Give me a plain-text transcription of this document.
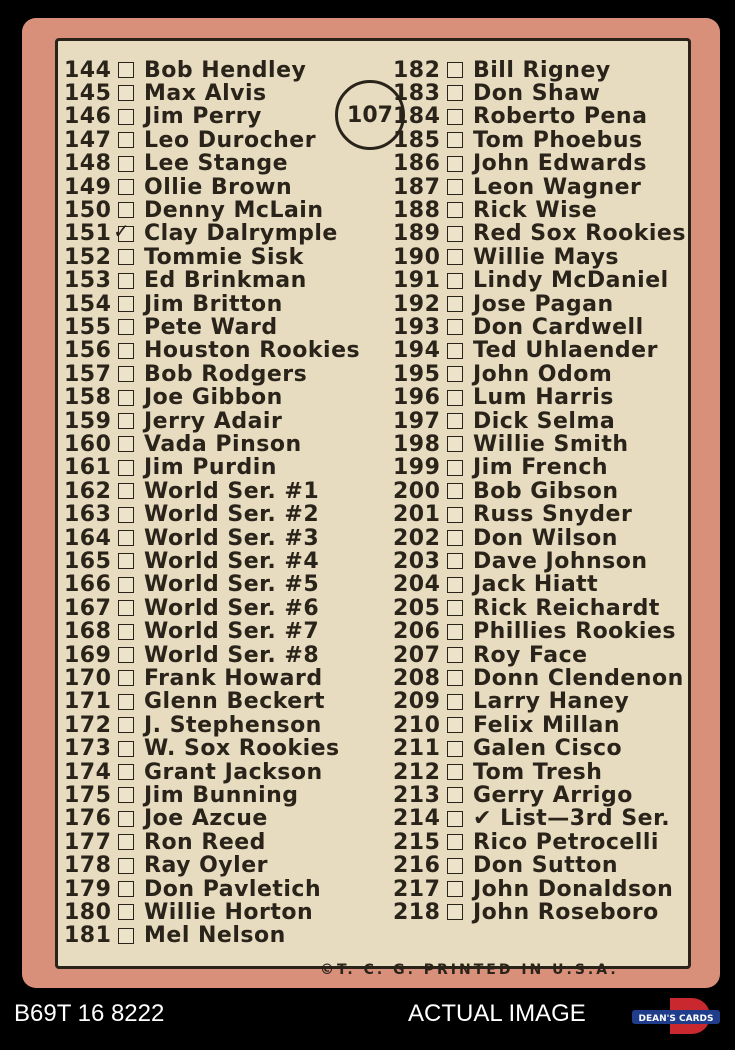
107
©T. C. G. PRINTED IN U.S.A.
144 Bob Hendley
145 Max Alvis
146 Jim Perry
147 Leo Durocher
148 Lee Stange
149 Ollie Brown
150 Denny McLain
151 ✓ Clay Dalrymple
152 Tommie Sisk
153 Ed Brinkman
154 Jim Britton
155 Pete Ward
156 Houston Rookies
157 Bob Rodgers
158 Joe Gibbon
159 Jerry Adair
160 Vada Pinson
161 Jim Purdin
162 World Ser. #1
163 World Ser. #2
164 World Ser. #3
165 World Ser. #4
166 World Ser. #5
167 World Ser. #6
168 World Ser. #7
169 World Ser. #8
170 Frank Howard
171 Glenn Beckert
172 J. Stephenson
173 W. Sox Rookies
174 Grant Jackson
175 Jim Bunning
176 Joe Azcue
177 Ron Reed
178 Ray Oyler
179 Don Pavletich
180 Willie Horton
181 Mel Nelson
182 Bill Rigney
183 Don Shaw
184 Roberto Pena
185 Tom Phoebus
186 John Edwards
187 Leon Wagner
188 Rick Wise
189 Red Sox Rookies
190 Willie Mays
191 Lindy McDaniel
192 Jose Pagan
193 Don Cardwell
194 Ted Uhlaender
195 John Odom
196 Lum Harris
197 Dick Selma
198 Willie Smith
199 Jim French
200 Bob Gibson
201 Russ Snyder
202 Don Wilson
203 Dave Johnson
204 Jack Hiatt
205 Rick Reichardt
206 Phillies Rookies
207 Roy Face
208 Donn Clendenon
209 Larry Haney
210 Felix Millan
211 Galen Cisco
212 Tom Tresh
213 Gerry Arrigo
214 ✔ List—3rd Ser.
215 Rico Petrocelli
216 Don Sutton
217 John Donaldson
218 John Roseboro
B69T 16 8222	ACTUAL IMAGE	DEAN'S CARDS
